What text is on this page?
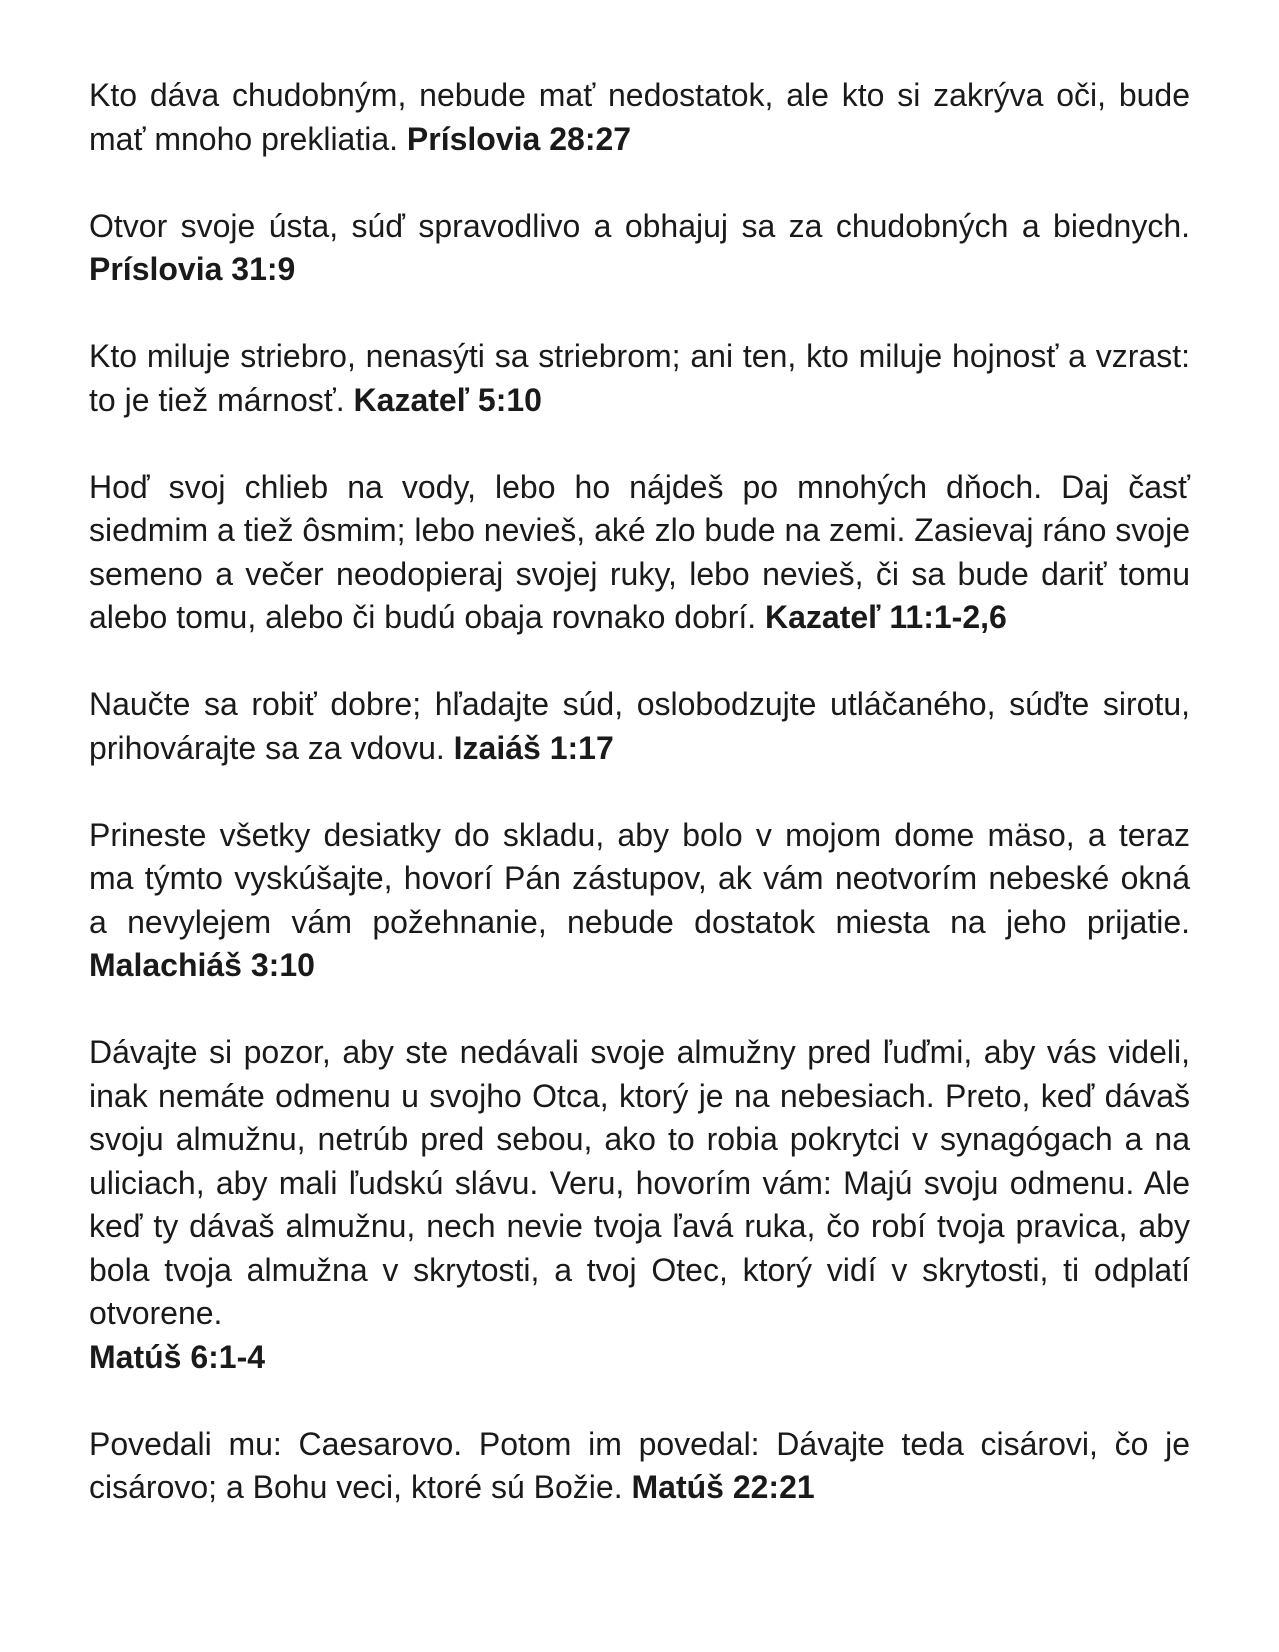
Kto dáva chudobným, nebude mať nedostatok, ale kto si zakrýva oči, bude mať mnoho prekliatia. Príslovia 28:27

Otvor svoje ústa, súď spravodlivo a obhajuj sa za chudobných a biednych. Príslovia 31:9

Kto miluje striebro, nenasýti sa striebrom; ani ten, kto miluje hojnosť a vzrast: to je tiež márnosť. Kazateľ 5:10

Hoď svoj chlieb na vody, lebo ho nájdeš po mnohých dňoch. Daj časť siedmim a tiež ôsmim; lebo nevieš, aké zlo bude na zemi. Zasievaj ráno svoje semeno a večer neodopieraj svojej ruky, lebo nevieš, či sa bude dariť tomu alebo tomu, alebo či budú obaja rovnako dobrí. Kazateľ 11:1-2,6

Naučte sa robiť dobre; hľadajte súd, oslobodzujte utláčaného, súďte sirotu, prihovárajte sa za vdovu. Izaiáš 1:17

Prineste všetky desiatky do skladu, aby bolo v mojom dome mäso, a teraz ma týmto vyskúšajte, hovorí Pán zástupov, ak vám neotvorím nebeské okná a nevylejem vám požehnanie, nebude dostatok miesta na jeho prijatie. Malachiáš 3:10

Dávajte si pozor, aby ste nedávali svoje almužny pred ľuďmi, aby vás videli, inak nemáte odmenu u svojho Otca, ktorý je na nebesiach. Preto, keď dávaš svoju almužnu, netrúb pred sebou, ako to robia pokrytci v synagógach a na uliciach, aby mali ľudskú slávu. Veru, hovorím vám: Majú svoju odmenu. Ale keď ty dávaš almužnu, nech nevie tvoja ľavá ruka, čo robí tvoja pravica, aby bola tvoja almužna v skrytosti, a tvoj Otec, ktorý vidí v skrytosti, ti odplatí otvorene.
Matúš 6:1-4

Povedali mu: Caesarovo. Potom im povedal: Dávajte teda cisárovi, čo je cisárovo; a Bohu veci, ktoré sú Božie. Matúš 22:21
